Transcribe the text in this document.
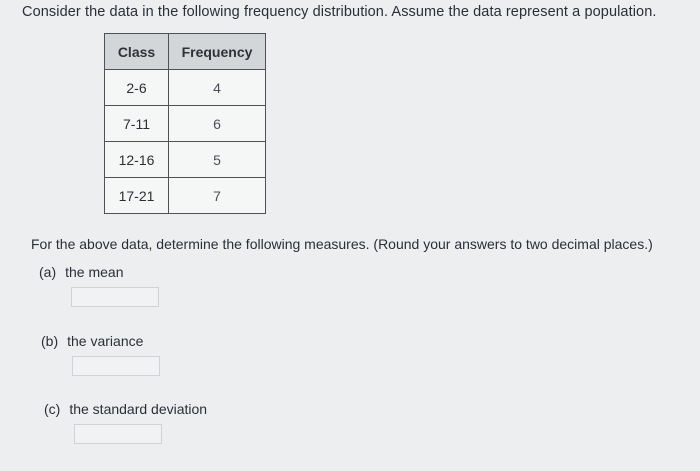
Consider the data in the following frequency distribution. Assume the data represent a population.
Class	Frequency
2-6	4
7-11	6
12-16	5
17-21	7
For the above data, determine the following measures. (Round your answers to two decimal places.)
(a) the mean
(b) the variance
(c) the standard deviation
